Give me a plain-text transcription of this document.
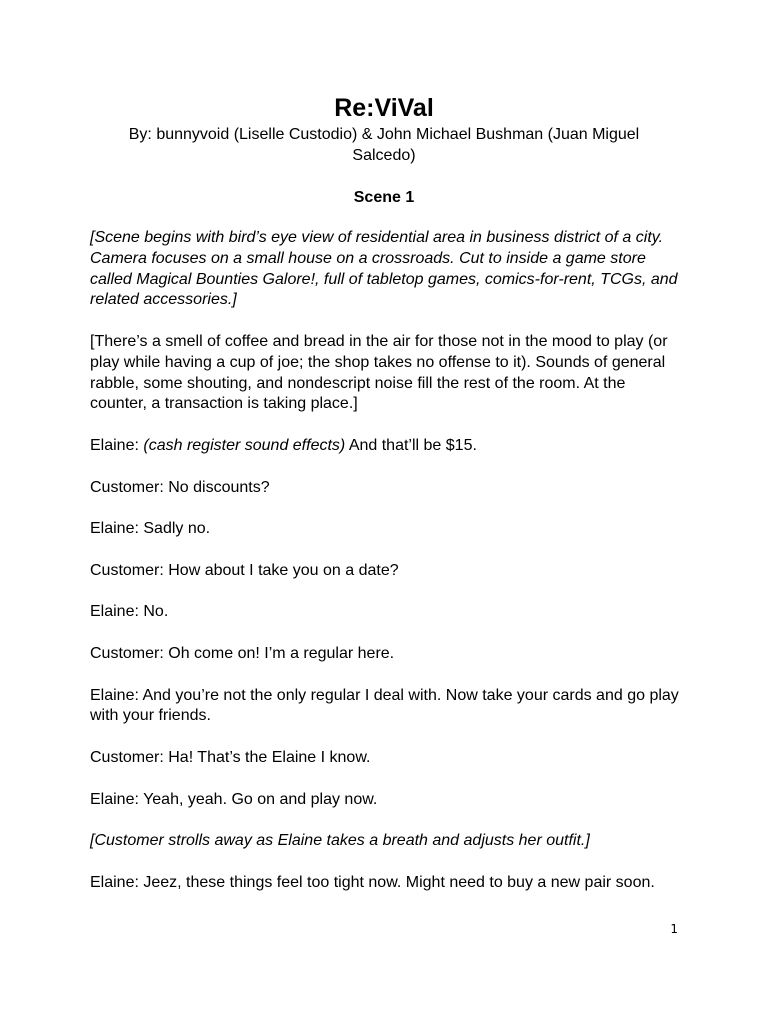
Re:ViVal
By: bunnyvoid (Liselle Custodio) & John Michael Bushman (Juan Miguel Salcedo)
Scene 1

[Scene begins with bird’s eye view of residential area in business district of a city. Camera focuses on a small house on a crossroads. Cut to inside a game store called Magical Bounties Galore!, full of tabletop games, comics-for-rent, TCGs, and related accessories.]

[There’s a smell of coffee and bread in the air for those not in the mood to play (or play while having a cup of joe; the shop takes no offense to it). Sounds of general rabble, some shouting, and nondescript noise fill the rest of the room. At the counter, a transaction is taking place.]

Elaine: (cash register sound effects) And that’ll be $15.

Customer: No discounts?

Elaine: Sadly no.

Customer: How about I take you on a date?

Elaine: No.

Customer: Oh come on! I’m a regular here.

Elaine: And you’re not the only regular I deal with. Now take your cards and go play with your friends.

Customer: Ha! That’s the Elaine I know.

Elaine: Yeah, yeah. Go on and play now.

[Customer strolls away as Elaine takes a breath and adjusts her outfit.]

Elaine: Jeez, these things feel too tight now. Might need to buy a new pair soon.

1
